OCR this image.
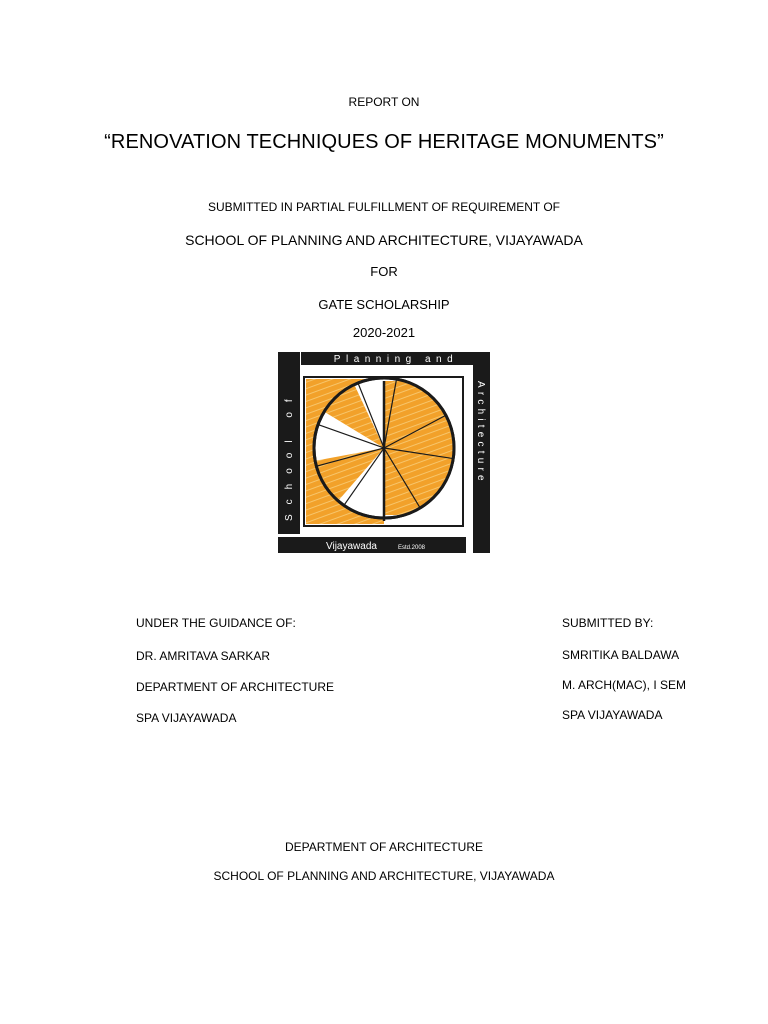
REPORT ON
“RENOVATION TECHNIQUES OF HERITAGE MONUMENTS”
SUBMITTED IN PARTIAL FULFILLMENT OF REQUIREMENT OF
SCHOOL OF PLANNING AND ARCHITECTURE, VIJAYAWADA
FOR
GATE SCHOLARSHIP
2020-2021
Planning and
School of	Architecture
Vijayawada	Estd.2008
UNDER THE GUIDANCE OF:
DR. AMRITAVA SARKAR
DEPARTMENT OF ARCHITECTURE
SPA VIJAYAWADA
SUBMITTED BY:
SMRITIKA BALDAWA
M. ARCH(MAC), I SEM
SPA VIJAYAWADA
DEPARTMENT OF ARCHITECTURE
SCHOOL OF PLANNING AND ARCHITECTURE, VIJAYAWADA
